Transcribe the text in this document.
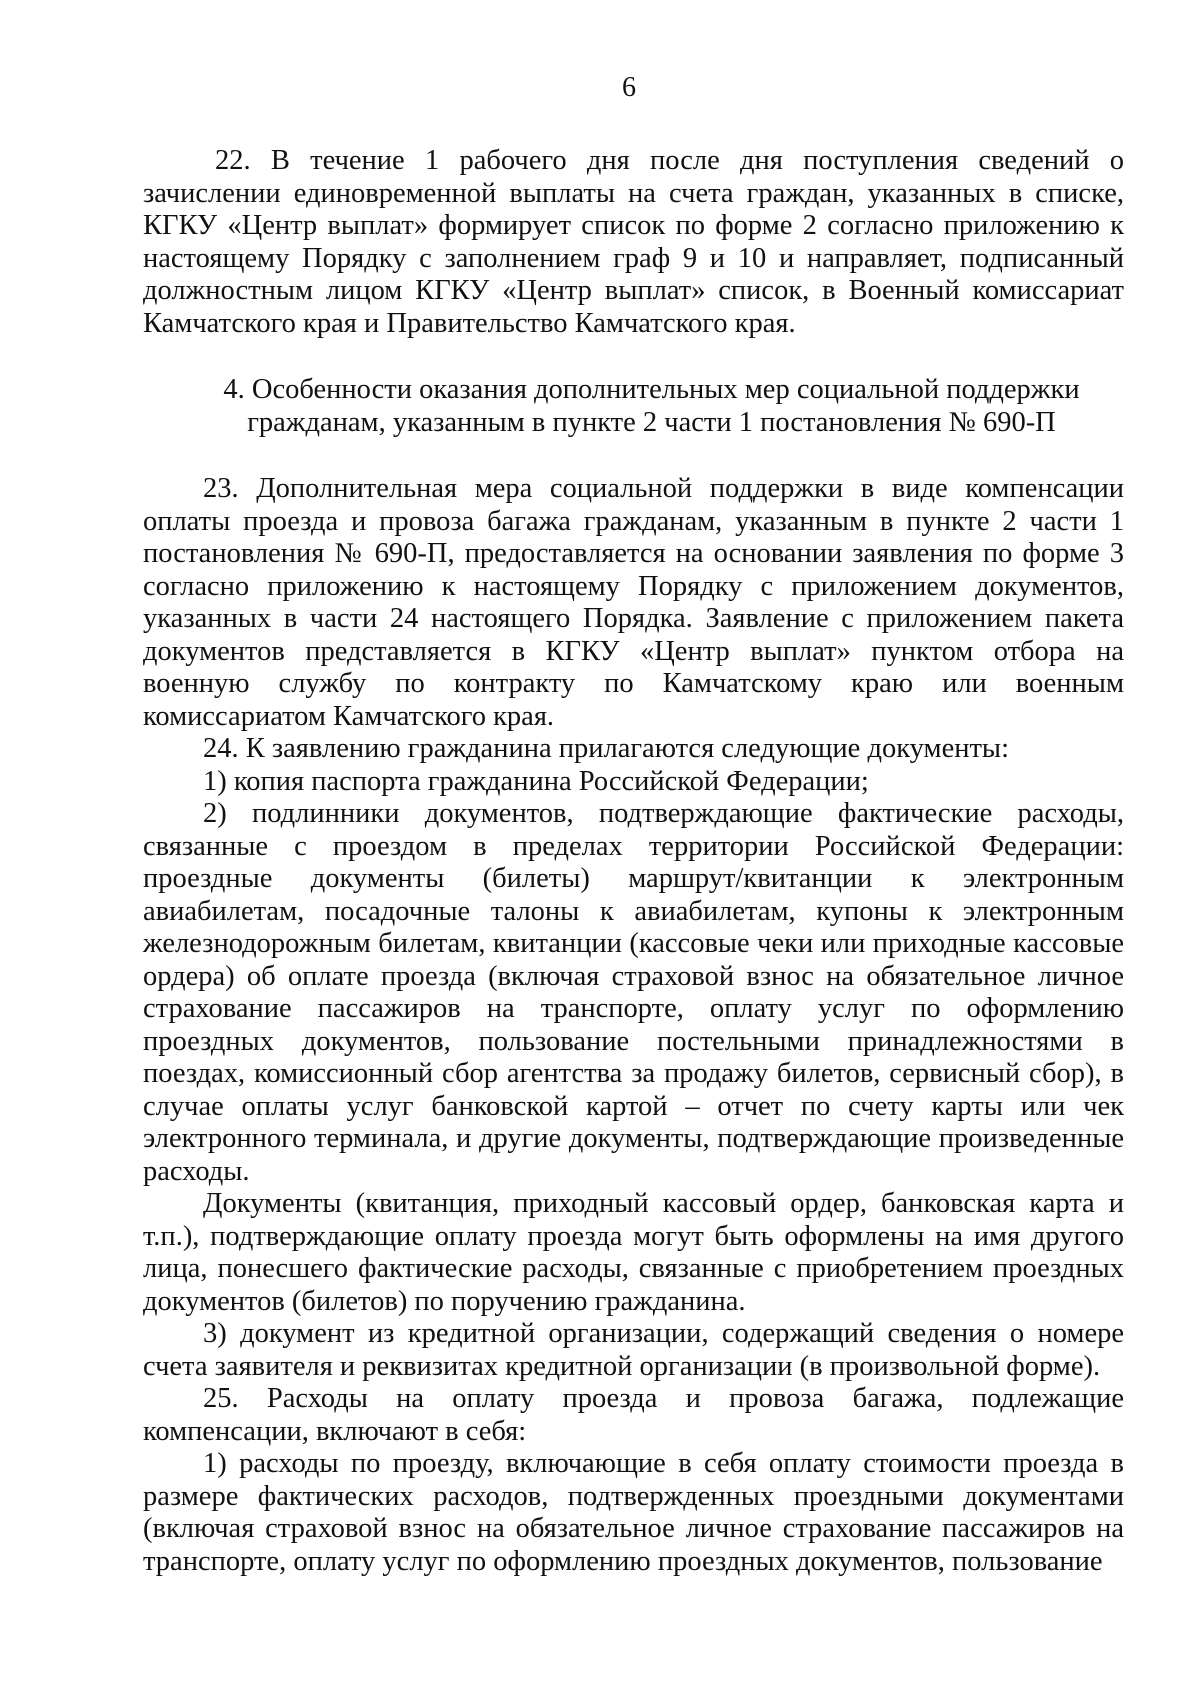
6

22. В течение 1 рабочего дня после дня поступления сведений о зачислении единовременной выплаты на счета граждан, указанных в списке, КГКУ «Центр выплат» формирует список по форме 2 согласно приложению к настоящему Порядку с заполнением граф 9 и 10 и направляет, подписанный должностным лицом КГКУ «Центр выплат» список, в Военный комиссариат Камчатского края и Правительство Камчатского края.

4. Особенности оказания дополнительных мер социальной поддержки гражданам, указанным в пункте 2 части 1 постановления № 690-П

23. Дополнительная мера социальной поддержки в виде компенсации оплаты проезда и провоза багажа гражданам, указанным в пункте 2 части 1 постановления № 690-П, предоставляется на основании заявления по форме 3 согласно приложению к настоящему Порядку с приложением документов, указанных в части 24 настоящего Порядка. Заявление с приложением пакета документов представляется в КГКУ «Центр выплат» пунктом отбора на военную службу по контракту по Камчатскому краю или военным комиссариатом Камчатского края.

24. К заявлению гражданина прилагаются следующие документы:

1) копия паспорта гражданина Российской Федерации;

2) подлинники документов, подтверждающие фактические расходы, связанные с проездом в пределах территории Российской Федерации: проездные документы (билеты) маршрут/квитанции к электронным авиабилетам, посадочные талоны к авиабилетам, купоны к электронным железнодорожным билетам, квитанции (кассовые чеки или приходные кассовые ордера) об оплате проезда (включая страховой взнос на обязательное личное страхование пассажиров на транспорте, оплату услуг по оформлению проездных документов, пользование постельными принадлежностями в поездах, комиссионный сбор агентства за продажу билетов, сервисный сбор), в случае оплаты услуг банковской картой – отчет по счету карты или чек электронного терминала, и другие документы, подтверждающие произведенные расходы.

Документы (квитанция, приходный кассовый ордер, банковская карта и т.п.), подтверждающие оплату проезда могут быть оформлены на имя другого лица, понесшего фактические расходы, связанные с приобретением проездных документов (билетов) по поручению гражданина.

3) документ из кредитной организации, содержащий сведения о номере счета заявителя и реквизитах кредитной организации (в произвольной форме).

25. Расходы на оплату проезда и провоза багажа, подлежащие компенсации, включают в себя:

1) расходы по проезду, включающие в себя оплату стоимости проезда в размере фактических расходов, подтвержденных проездными документами (включая страховой взнос на обязательное личное страхование пассажиров на транспорте, оплату услуг по оформлению проездных документов, пользование
